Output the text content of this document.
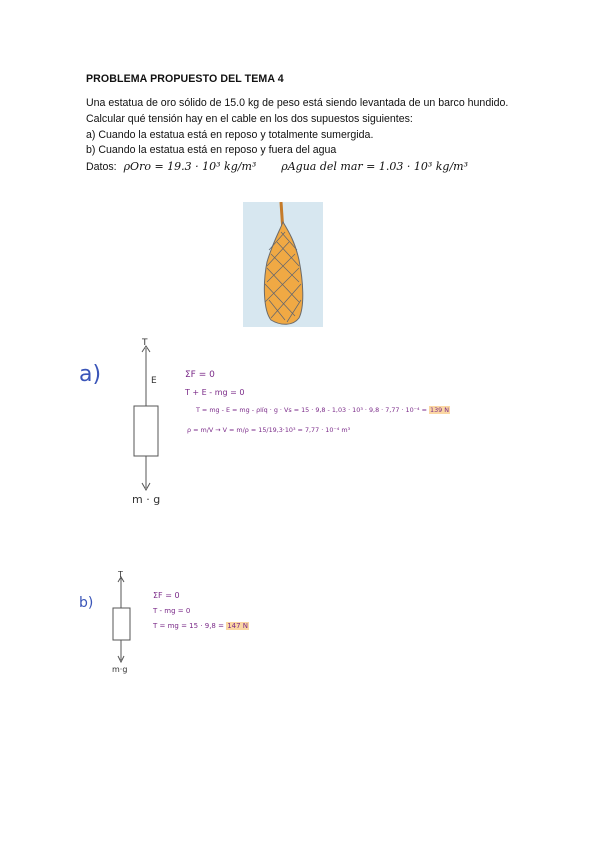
PROBLEMA PROPUESTO DEL TEMA 4
Una estatua de oro sólido de 15.0 kg de peso está siendo levantada de un barco hundido.
Calcular qué tensión hay en el cable en los dos supuestos siguientes:
a) Cuando la estatua está en reposo y totalmente sumergida.
b) Cuando la estatua está en reposo y fuera del agua
Datos: ρOro = 19.3 · 10³ kg/m³ ρAgua del mar = 1.03 · 10³ kg/m³
a)
T
E
m · g
ΣF = 0
T + E - mg = 0
T = mg - E = mg - ρlíq · g · Vs = 15 · 9,8 - 1,03 · 10³ · 9,8 · 7,77 · 10⁻⁴ = 139 N
ρ = m/V → V = m/ρ = 15/19,3·10³ = 7,77 · 10⁻⁴ m³
b)
T
m·g
ΣF = 0
T - mg = 0
T = mg = 15 · 9,8 = 147 N
